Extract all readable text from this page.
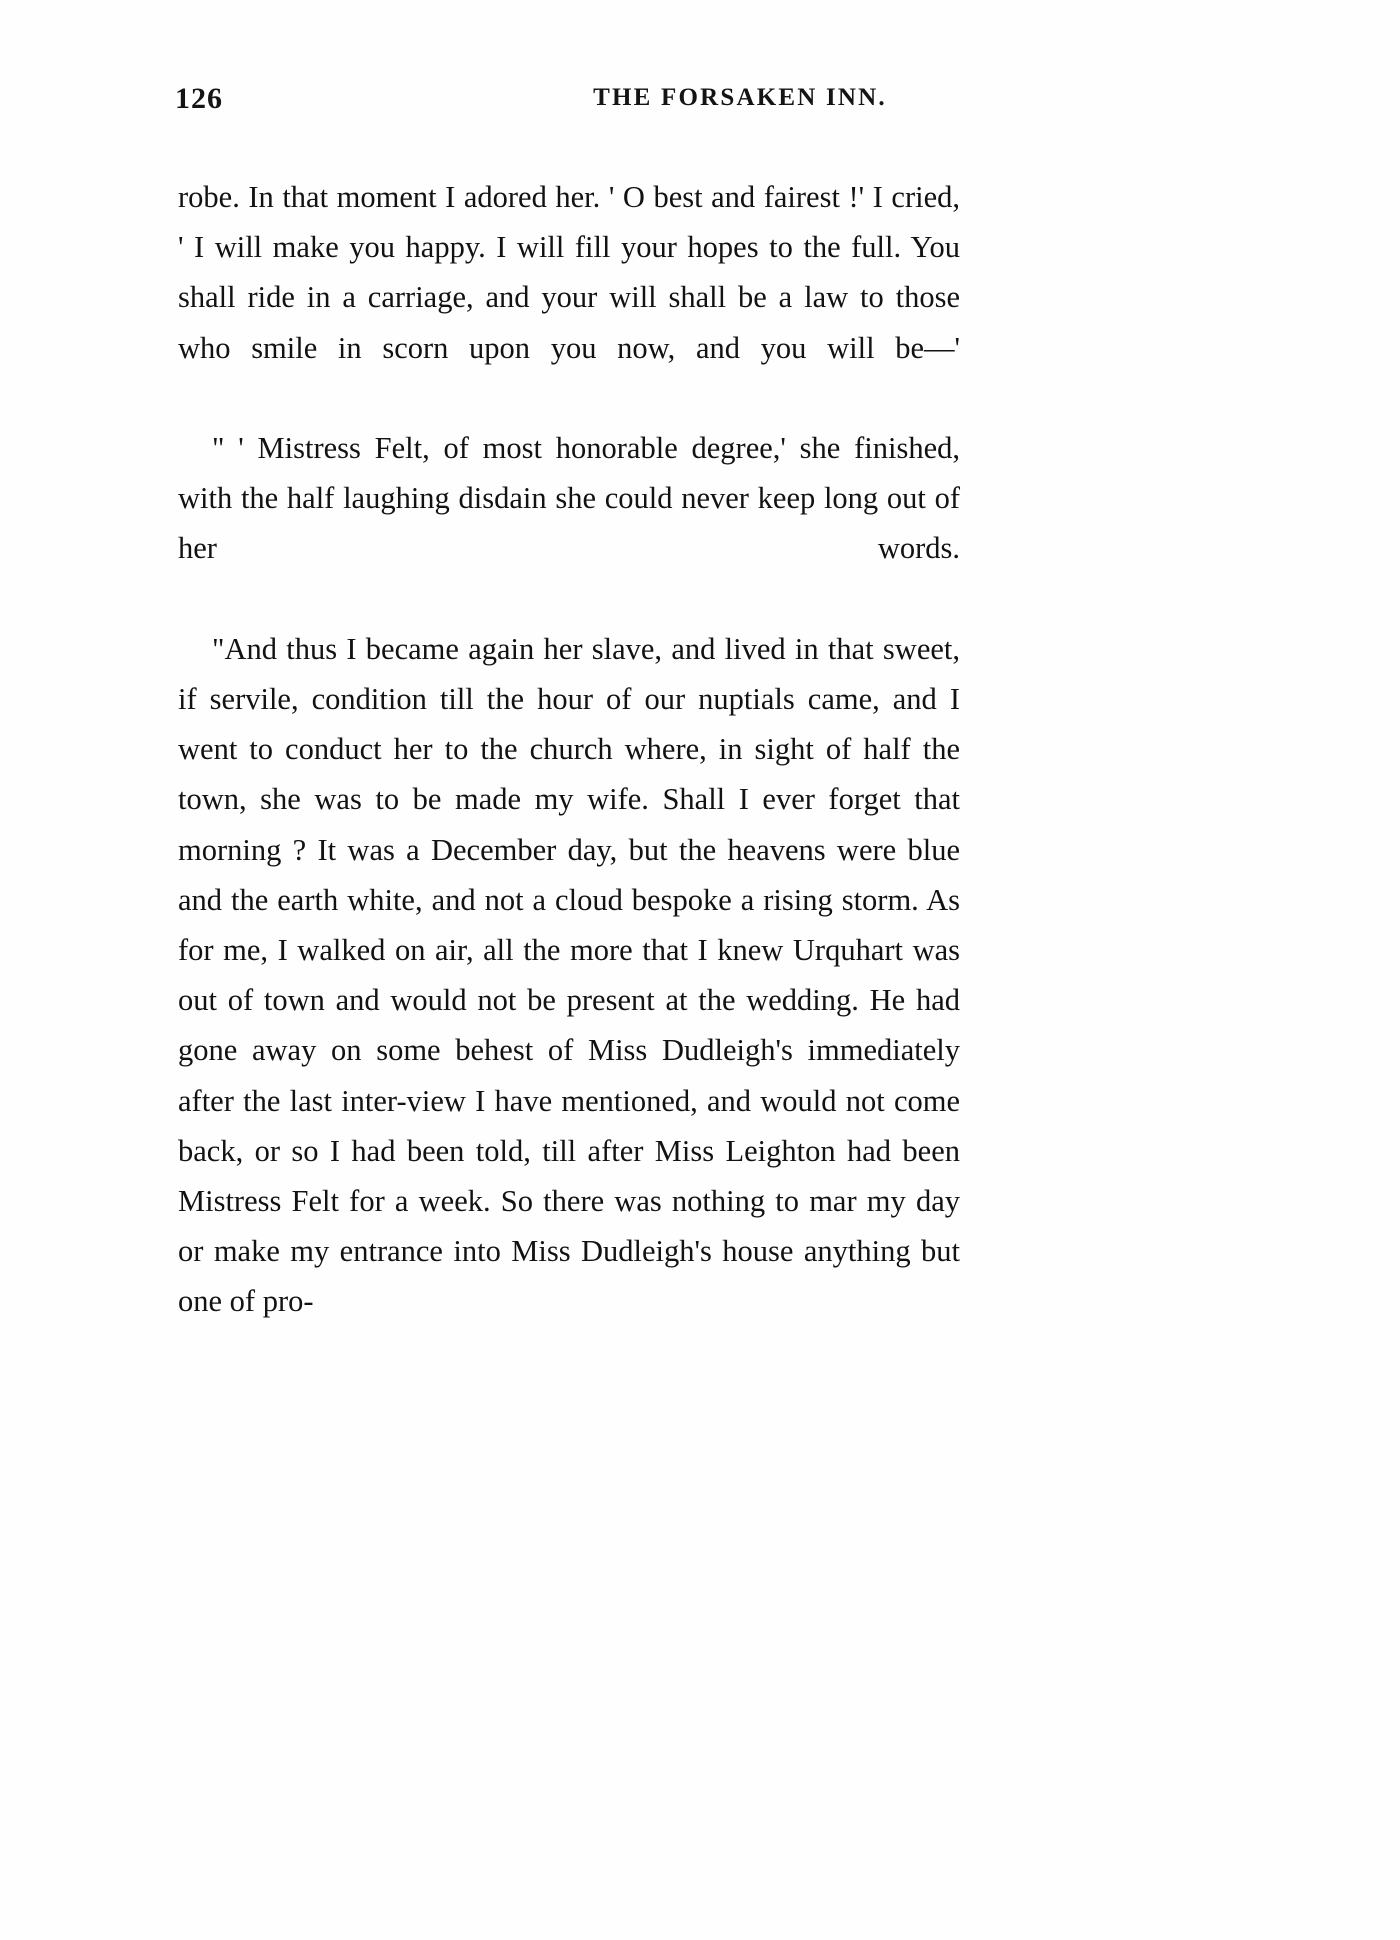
126	THE FORSAKEN INN.

robe. In that moment I adored her. ' O best and fairest !' I cried, ' I will make you happy. I will fill your hopes to the full. You shall ride in a carriage, and your will shall be a law to those who smile in scorn upon you now, and you will be—'

" ' Mistress Felt, of most honorable degree,' she finished, with the half laughing disdain she could never keep long out of her words.

"And thus I became again her slave, and lived in that sweet, if servile, condition till the hour of our nuptials came, and I went to conduct her to the church where, in sight of half the town, she was to be made my wife. Shall I ever forget that morning ? It was a December day, but the heavens were blue and the earth white, and not a cloud bespoke a rising storm. As for me, I walked on air, all the more that I knew Urquhart was out of town and would not be present at the wedding. He had gone away on some behest of Miss Dudleigh's immediately after the last inter-view I have mentioned, and would not come back, or so I had been told, till after Miss Leighton had been Mistress Felt for a week. So there was nothing to mar my day or make my entrance into Miss Dudleigh's house anything but one of pro-
